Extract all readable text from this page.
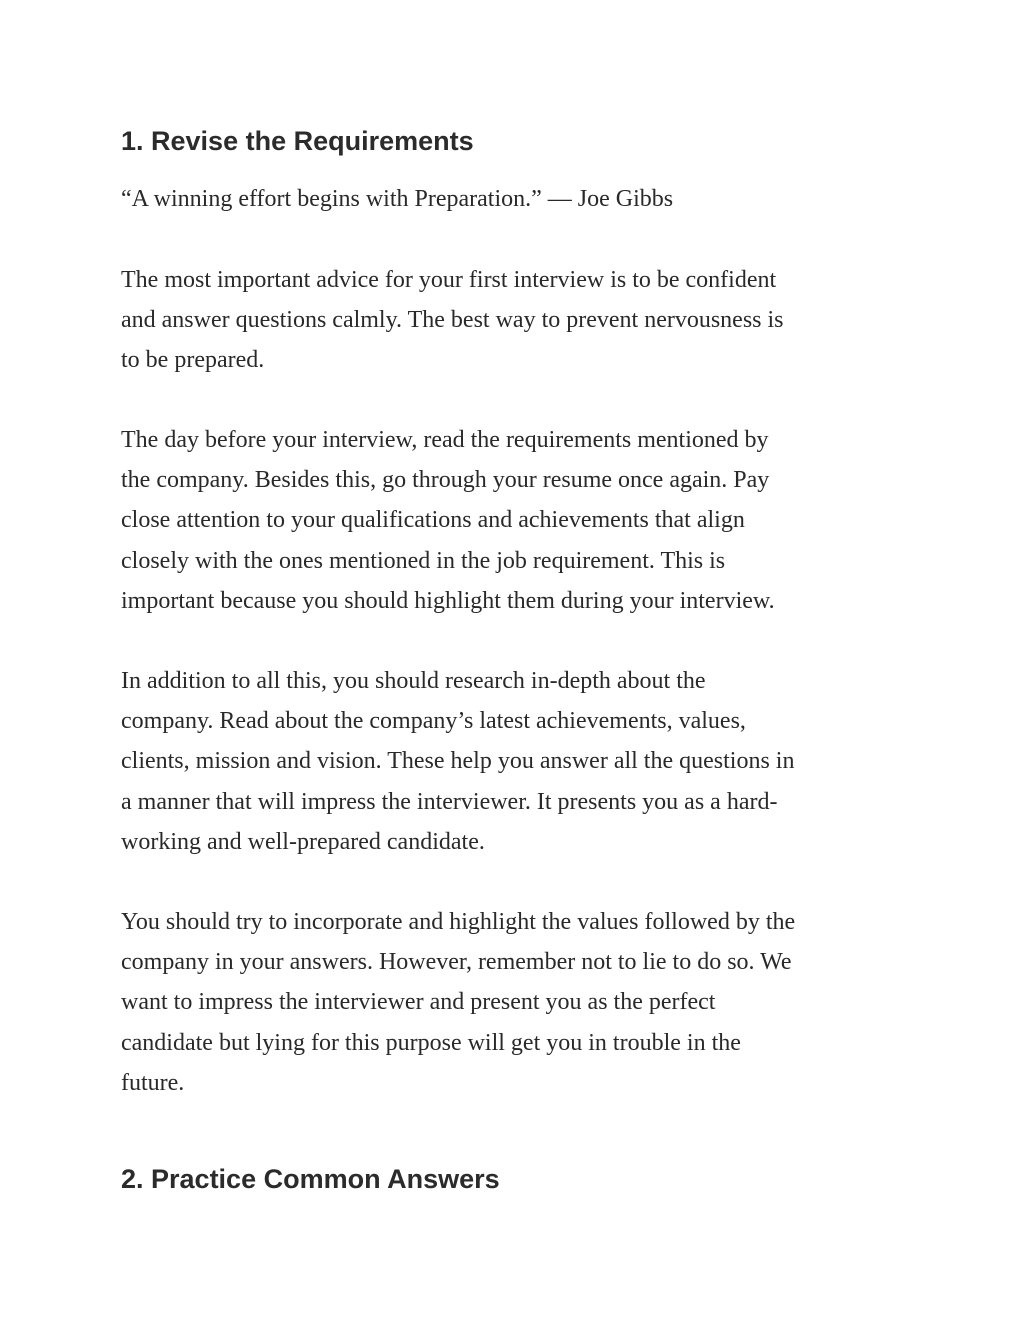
1. Revise the Requirements

“A winning effort begins with Preparation.” — Joe Gibbs

The most important advice for your first interview is to be confident
and answer questions calmly. The best way to prevent nervousness is
to be prepared.

The day before your interview, read the requirements mentioned by
the company. Besides this, go through your resume once again. Pay
close attention to your qualifications and achievements that align
closely with the ones mentioned in the job requirement. This is
important because you should highlight them during your interview.

In addition to all this, you should research in-depth about the
company. Read about the company’s latest achievements, values,
clients, mission and vision. These help you answer all the questions in
a manner that will impress the interviewer. It presents you as a hard-
working and well-prepared candidate.

You should try to incorporate and highlight the values followed by the
company in your answers. However, remember not to lie to do so. We
want to impress the interviewer and present you as the perfect
candidate but lying for this purpose will get you in trouble in the
future.

2. Practice Common Answers
